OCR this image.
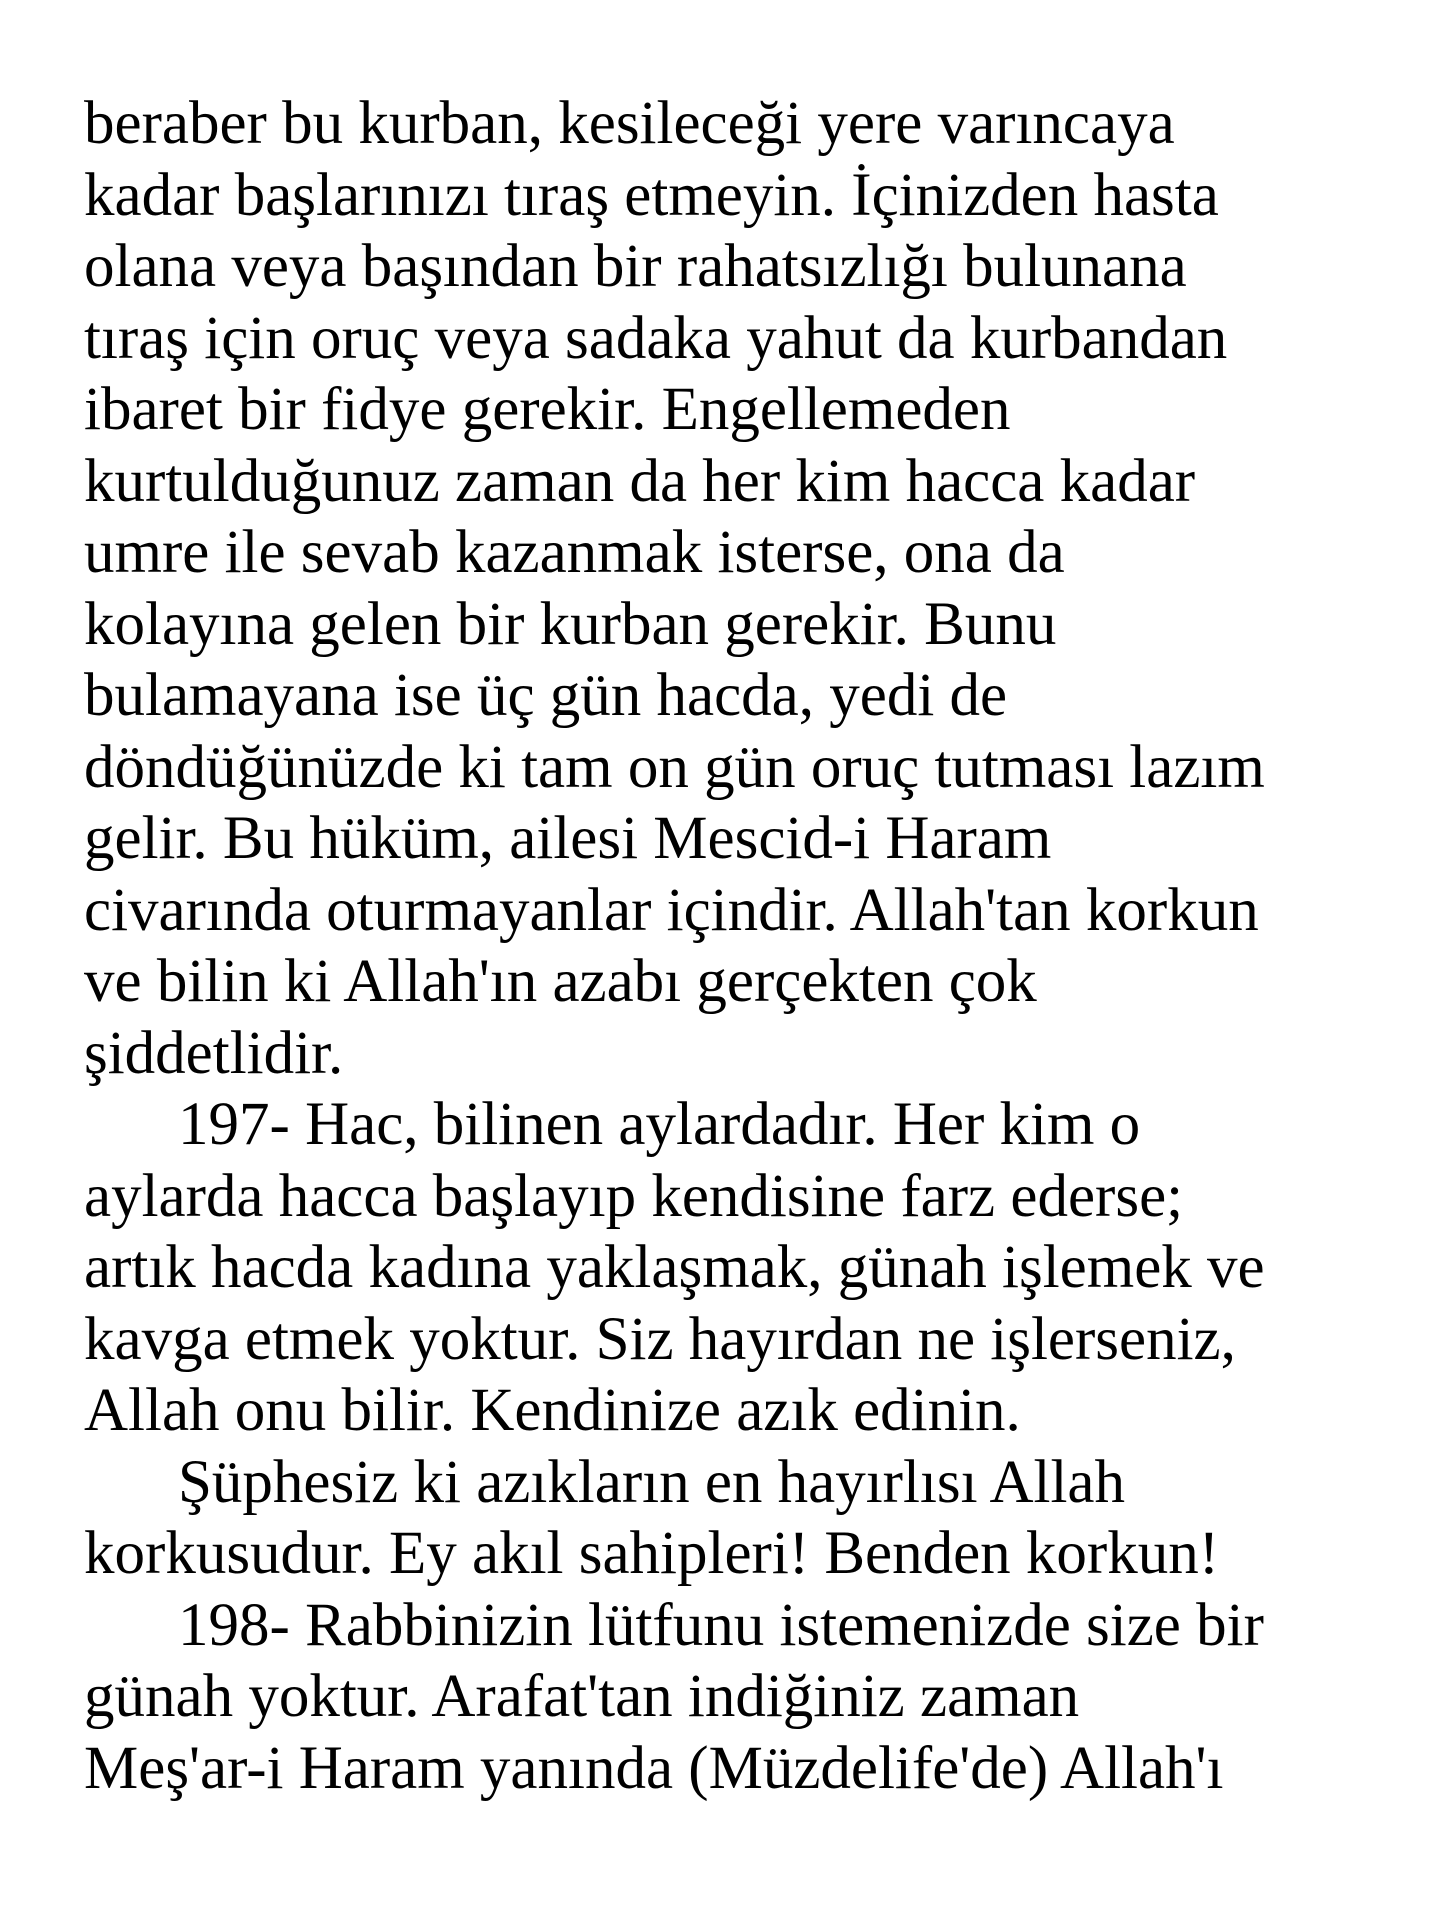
beraber bu kurban, kesileceği yere varıncaya
kadar başlarınızı tıraş etmeyin. İçinizden hasta
olana veya başından bir rahatsızlığı bulunana
tıraş için oruç veya sadaka yahut da kurbandan
ibaret bir fidye gerekir. Engellemeden
kurtulduğunuz zaman da her kim hacca kadar
umre ile sevab kazanmak isterse, ona da
kolayına gelen bir kurban gerekir. Bunu
bulamayana ise üç gün hacda, yedi de
döndüğünüzde ki tam on gün oruç tutması lazım
gelir. Bu hüküm, ailesi Mescid-i Haram
civarında oturmayanlar içindir. Allah'tan korkun
ve bilin ki Allah'ın azabı gerçekten çok
şiddetlidir.
197- Hac, bilinen aylardadır. Her kim o
aylarda hacca başlayıp kendisine farz ederse;
artık hacda kadına yaklaşmak, günah işlemek ve
kavga etmek yoktur. Siz hayırdan ne işlerseniz,
Allah onu bilir. Kendinize azık edinin.
Şüphesiz ki azıkların en hayırlısı Allah
korkusudur. Ey akıl sahipleri! Benden korkun!
198- Rabbinizin lütfunu istemenizde size bir
günah yoktur. Arafat'tan indiğiniz zaman
Meş'ar-i Haram yanında (Müzdelife'de) Allah'ı
